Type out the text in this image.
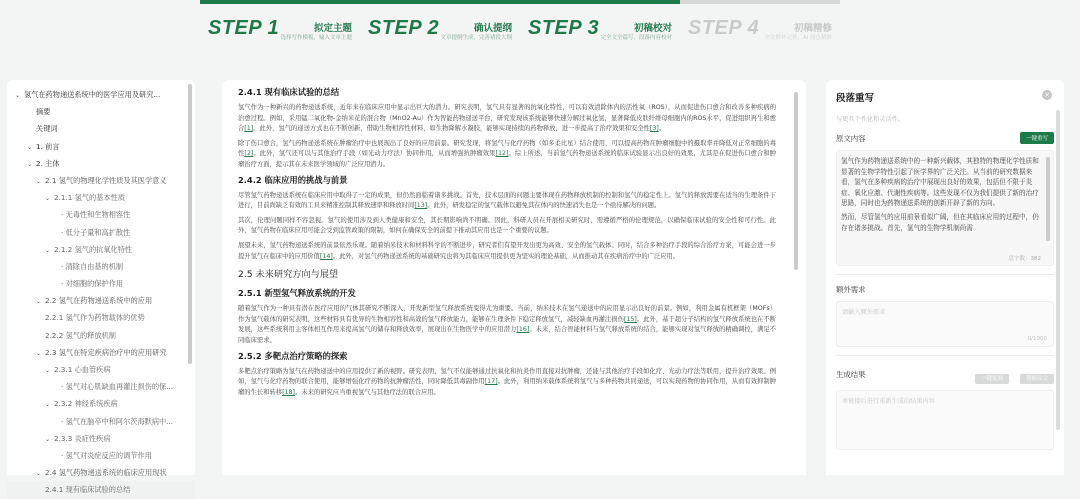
STEP 1	拟定主题
选择写作模板，输入文章主题 STEP 2	确认提纲
文章提纲生成，完善诸段大纲 STEP 3	初稿校对
完全文全篇写，段落内容校对 STEP 4	初稿精修
全文修补完善，AI 润色精修
⌄ 氢气在药物递送系统中的医学应用及研究...
摘要
关键词
⌄ 1. 前言
⌄ 2. 主体
⌄ 2.1 氢气的物理化学性质及其医学意义
⌄ 2.1.1 氢气的基本性质
· 无毒性和生物相容性
· 低分子量和高扩散性
⌄ 2.1.2 氢气的抗氧化特性
· 清除自由基的机制
· 对细胞的保护作用
⌄ 2.2 氢气在药物递送系统中的应用
2.2.1 氢气作为药物载体的优势
2.2.2 氢气的释放机制
⌄ 2.3 氢气在特定疾病治疗中的应用研究
⌄ 2.3.1 心血管疾病
· 氢气对心肌缺血再灌注损伤的保...
⌄ 2.3.2 神经系统疾病
· 氢气在脑卒中和阿尔茨海默病中...
⌄ 2.3.3 炎症性疾病
· 氢气对炎症反应的调节作用
⌄ 2.4 氢气药物递送系统的临床应用现状
2.4.1 现有临床试验的总结
2.4.1 现有临床试验的总结

氢气作为一种新兴的药物递送系统，近年来在临床应用中显示出巨大的潜力。研究表明，氢气具有显著的抗氧化特性，可以有效清除体内的活性氧（ROS），从而促进伤口愈合和改善多种疾病的治愈过程。例如，采用锰二氧化物-金纳米花的混合物（MnO2-Au）作为智能药物递送平台，研究发现该系统能够快速分解过氧化氢，显著降低皮肤纤维母细胞内的ROS水平，促进组织再生和愈合[1]。此外，氢气的递送方式也在不断创新，借助生物相容性材料，如生物降解水凝胶，能够实现持续的药物释放，进一步提高了治疗效果和安全性[3]。

除了伤口愈合，氢气药物递送系统在肿瘤治疗中也展现出了良好的应用前景。研究发现，将氢气与化疗药物（如多柔比星）结合使用，可以提高药物在肿瘤细胞中的摄取率并降低对正常细胞的毒性[2]。此外，氢气还可以与其他治疗手段（如光动力疗法）协同作用，从而增强抗肿瘤效果[12]。综上所述，当前氢气药物递送系统的临床试验显示出良好的效果，尤其是在促进伤口愈合和肿瘤治疗方面，提示其在未来医学领域的广泛应用潜力。

2.4.2 临床应用的挑战与前景

尽管氢气药物递送系统在临床应用中取得了一定的成果，但仍然面临着诸多挑战。首先，技术层面的问题主要体现在药物释放机制的控制和氢气的稳定性上。氢气的释放需要在适当的生理条件下进行，目前尚缺乏有效的工具来精准控制其释放速率和释放时间[13]。此外，研发稳定的氢气载体以避免其在体内的快速消失也是一个亟待解决的问题。

其次，伦理问题同样不容忽视。氢气的使用涉及到人类健康和安全，其长期影响尚不明确。因此，科研人员在开展相关研究时，需遵循严格的伦理规范，以确保临床试验的安全性和可行性。此外，氢气药物在临床应用可能会受到监管政策的限制，如何在确保安全的前提下推动其应用也是一个重要的议题。

展望未来，氢气药物递送系统的前景依然乐观。随着纳米技术和材料科学的不断进步，研究者们有望开发出更为高效、安全的氢气载体。同时，结合多种治疗手段的综合治疗方案，可能会进一步提升氢气在临床中的应用价值[14]。此外，对氢气药物递送系统的基础研究也将为其临床应用提供更为坚实的理论基础，从而推动其在疾病治疗中的广泛应用。

2.5 未来研究方向与展望
2.5.1 新型氢气释放系统的开发

随着氢气作为一种具有潜在医疗应用的气体其研究不断深入，开发新型氢气释放系统变得尤为重要。当前，纳米技术在氢气递送中的应用显示出良好的前景。例如，利用金属有机框架（MOFs）作为氢气载体的研究表明，这些材料具有优异的生物相容性和高效的氢气释放能力，能够在生理条件下稳定释放氢气，减轻缺血再灌注损伤[15]。此外，基于超分子结构的氢气释放系统也在不断发展，这些系统利用主客体相互作用来提高氢气的储存和释放效率，展现出在生物医学中的应用潜力[16]。未来，结合智能材料与氢气释放系统的结合，能够实现对氢气释放的精确调控，满足不同临床需求。

2.5.2 多靶点治疗策略的探索

多靶点治疗策略为氢气在药物递送中的应用提供了新的视野。研究表明，氢气不仅能够通过抗氧化和抗炎作用直接对抗肿瘤，还能与其他治疗手段如化疗、光动力疗法等联用，提升治疗效果。例如，氢气与化疗药物的联合使用，能够增强化疗药物的抗肿瘤活性，同时降低其毒副作用[17]。此外，利用纳米载体系统将氢气与多种药物共同递送，可以实现药物的协同作用，从而有效抑制肿瘤的生长和转移[18]。未来的研究应当重视氢气与其他疗法的联合应用。

段落重写	×
与更具个性化和灵活性。
原文内容	一键重写

氢气作为药物递送系统中的一种新兴载体，其独特的物理化学性质和显著的生物学特性引起了医学界的广泛关注。从当前的研究数据来看，氢气在多种疾病的治疗中展现出良好的效果，包括但不限于炎症、氧化应激、代谢性疾病等。这些发现不仅为我们提供了新的治疗思路，同时也为药物递送系统的创新开辟了新的方向。

然而，尽管氢气的应用前景看似广阔，但在其临床应用的过程中，仍存在诸多挑战。首先，氢气的生物学机制尚需

总字数：382
额外需求
请输入额外需求
0/1000
生成结果	一键复制	替换原文
单链接后进行重新生成的结果内容
